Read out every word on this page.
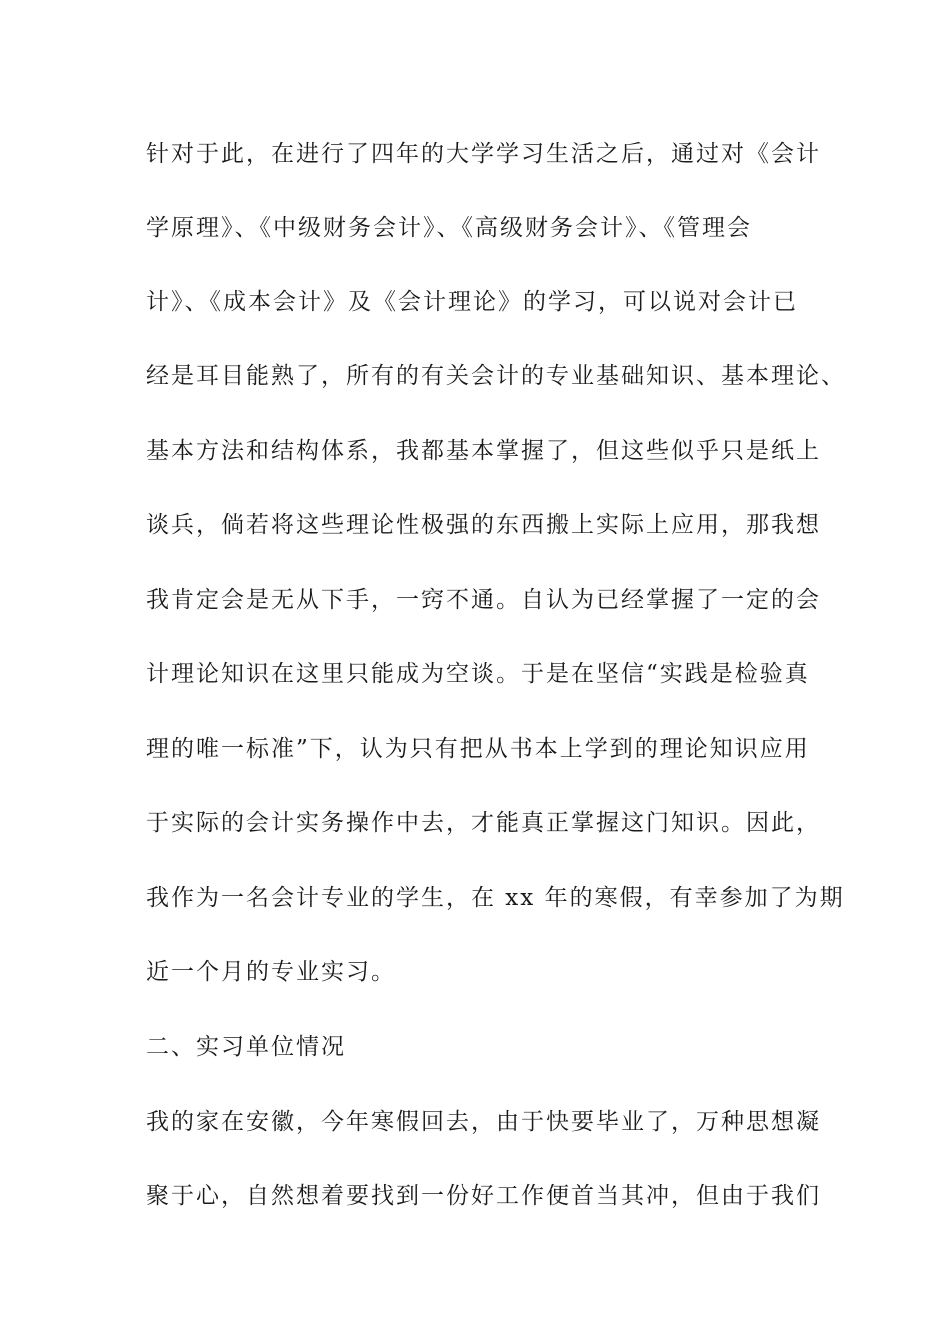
针对于此，在进行了四年的大学学习生活之后，通过对《会计
学原理》、《中级财务会计》、《高级财务会计》、《管理会
计》、《成本会计》及《会计理论》的学习，可以说对会计已
经是耳目能熟了，所有的有关会计的专业基础知识、基本理论、
基本方法和结构体系，我都基本掌握了，但这些似乎只是纸上
谈兵，倘若将这些理论性极强的东西搬上实际上应用，那我想
我肯定会是无从下手，一窍不通。自认为已经掌握了一定的会
计理论知识在这里只能成为空谈。于是在坚信“实践是检验真
理的唯一标准”下，认为只有把从书本上学到的理论知识应用
于实际的会计实务操作中去，才能真正掌握这门知识。因此，
我作为一名会计专业的学生，在 xx 年的寒假，有幸参加了为期
近一个月的专业实习。
二、实习单位情况
我的家在安徽，今年寒假回去，由于快要毕业了，万种思想凝
聚于心，自然想着要找到一份好工作便首当其冲，但由于我们
